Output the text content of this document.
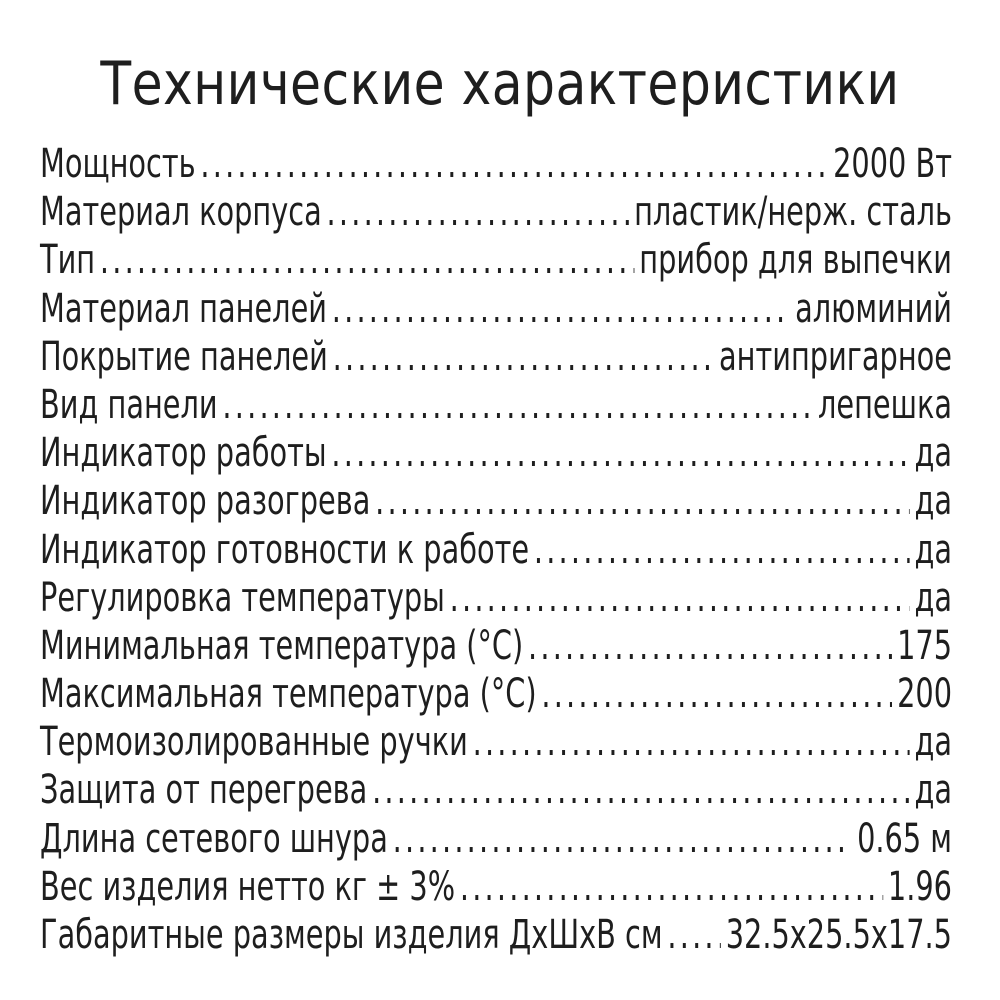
Технические характеристики
Мощность .....	2000 Вт
Материал корпуса .....	пластик/нерж. сталь
Тип .....	прибор для выпечки
Материал панелей .....	алюминий
Покрытие панелей .....	антипригарное
Вид панели .....	лепешка
Индикатор работы .....	да
Индикатор разогрева .....	да
Индикатор готовности к работе .....	да
Регулировка температуры .....	да
Минимальная температура (°C) .....	175
Максимальная температура (°C) .....	200
Термоизолированные ручки .....	да
Защита от перегрева .....	да
Длина сетевого шнура .....	0.65 м
Вес изделия нетто кг ± 3% .....	1.96
Габаритные размеры изделия ДхШхВ см ..... 32.5x25.5x17.5
